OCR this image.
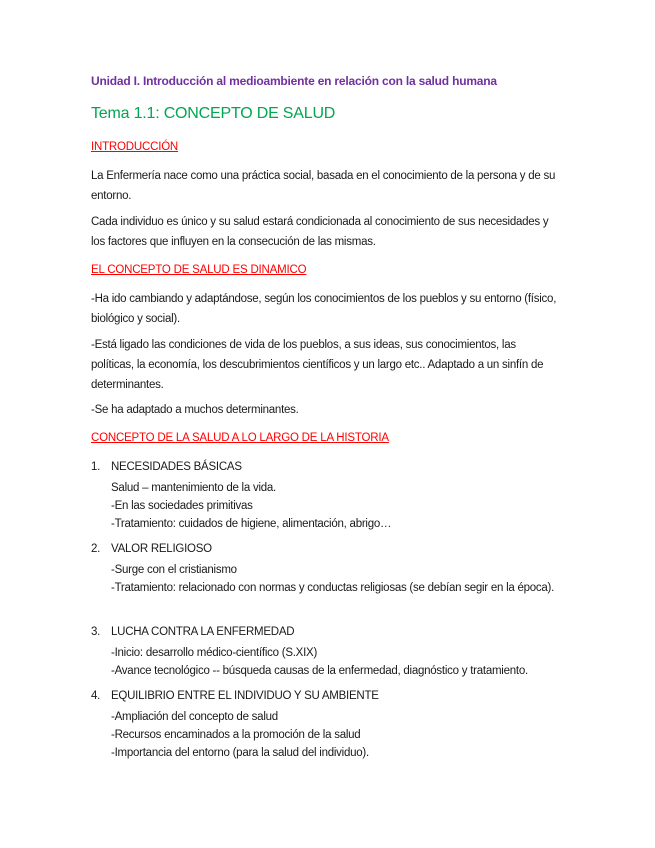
Unidad I. Introducción al medioambiente en relación con la salud humana
Tema 1.1: CONCEPTO DE SALUD
INTRODUCCIÓN
La Enfermería nace como una práctica social, basada en el conocimiento de la persona y de su entorno.
Cada individuo es único y su salud estará condicionada al conocimiento de sus necesidades y los factores que influyen en la consecución de las mismas.
EL CONCEPTO DE SALUD ES DINAMICO
-Ha ido cambiando y adaptándose, según los conocimientos de los pueblos y su entorno (físico, biológico y social).
-Está ligado las condiciones de vida de los pueblos, a sus ideas, sus conocimientos, las políticas, la economía, los descubrimientos científicos y un largo etc.. Adaptado a un sinfín de determinantes.
-Se ha adaptado a muchos determinantes.
CONCEPTO DE LA SALUD A LO LARGO DE LA HISTORIA
1. NECESIDADES BÁSICAS
Salud – mantenimiento de la vida.
-En las sociedades primitivas
-Tratamiento: cuidados de higiene, alimentación, abrigo…
2. VALOR RELIGIOSO
-Surge con el cristianismo
-Tratamiento: relacionado con normas y conductas religiosas (se debían segir en la época).
3. LUCHA CONTRA LA ENFERMEDAD
-Inicio: desarrollo médico-científico (S.XIX)
-Avance tecnológico -- búsqueda causas de la enfermedad, diagnóstico y tratamiento.
4. EQUILIBRIO ENTRE EL INDIVIDUO Y SU AMBIENTE
-Ampliación del concepto de salud
-Recursos encaminados a la promoción de la salud
-Importancia del entorno (para la salud del individuo).
